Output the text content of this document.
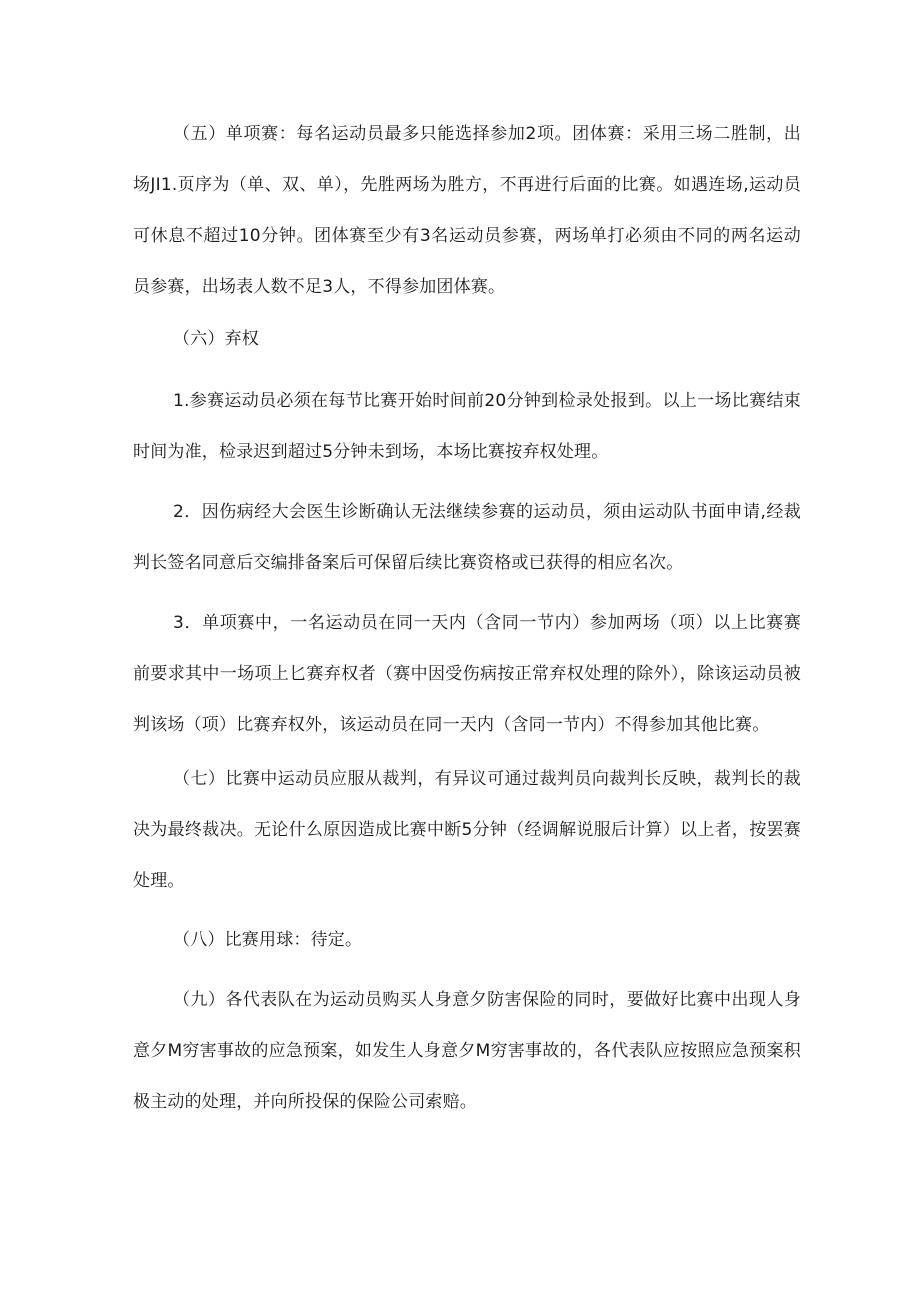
（五）单项赛：每名运动员最多只能选择参加2项。团体赛：采用三场二胜制，出场JI1.页序为（单、双、单），先胜两场为胜方，不再进行后面的比赛。如遇连场,运动员可休息不超过10分钟。团体赛至少有3名运动员参赛，两场单打必须由不同的两名运动员参赛，出场表人数不足3人，不得参加团体赛。

（六）弃权

1.参赛运动员必须在每节比赛开始时间前20分钟到检录处报到。以上一场比赛结束时间为准，检录迟到超过5分钟未到场，本场比赛按弃权处理。

2．因伤病经大会医生诊断确认无法继续参赛的运动员，须由运动队书面申请,经裁判长签名同意后交编排备案后可保留后续比赛资格或已获得的相应名次。

3．单项赛中，一名运动员在同一天内（含同一节内）参加两场（项）以上比赛赛前要求其中一场项上匕赛弃权者（赛中因受伤病按正常弃权处理的除外），除该运动员被判该场（项）比赛弃权外，该运动员在同一天内（含同一节内）不得参加其他比赛。

（七）比赛中运动员应服从裁判，有异议可通过裁判员向裁判长反映，裁判长的裁决为最终裁决。无论什么原因造成比赛中断5分钟（经调解说服后计算）以上者，按罢赛处理。

（八）比赛用球：待定。

（九）各代表队在为运动员购买人身意夕防害保险的同时，要做好比赛中出现人身意夕M穷害事故的应急预案，如发生人身意夕M穷害事故的，各代表队应按照应急预案积极主动的处理，并向所投保的保险公司索赔。
